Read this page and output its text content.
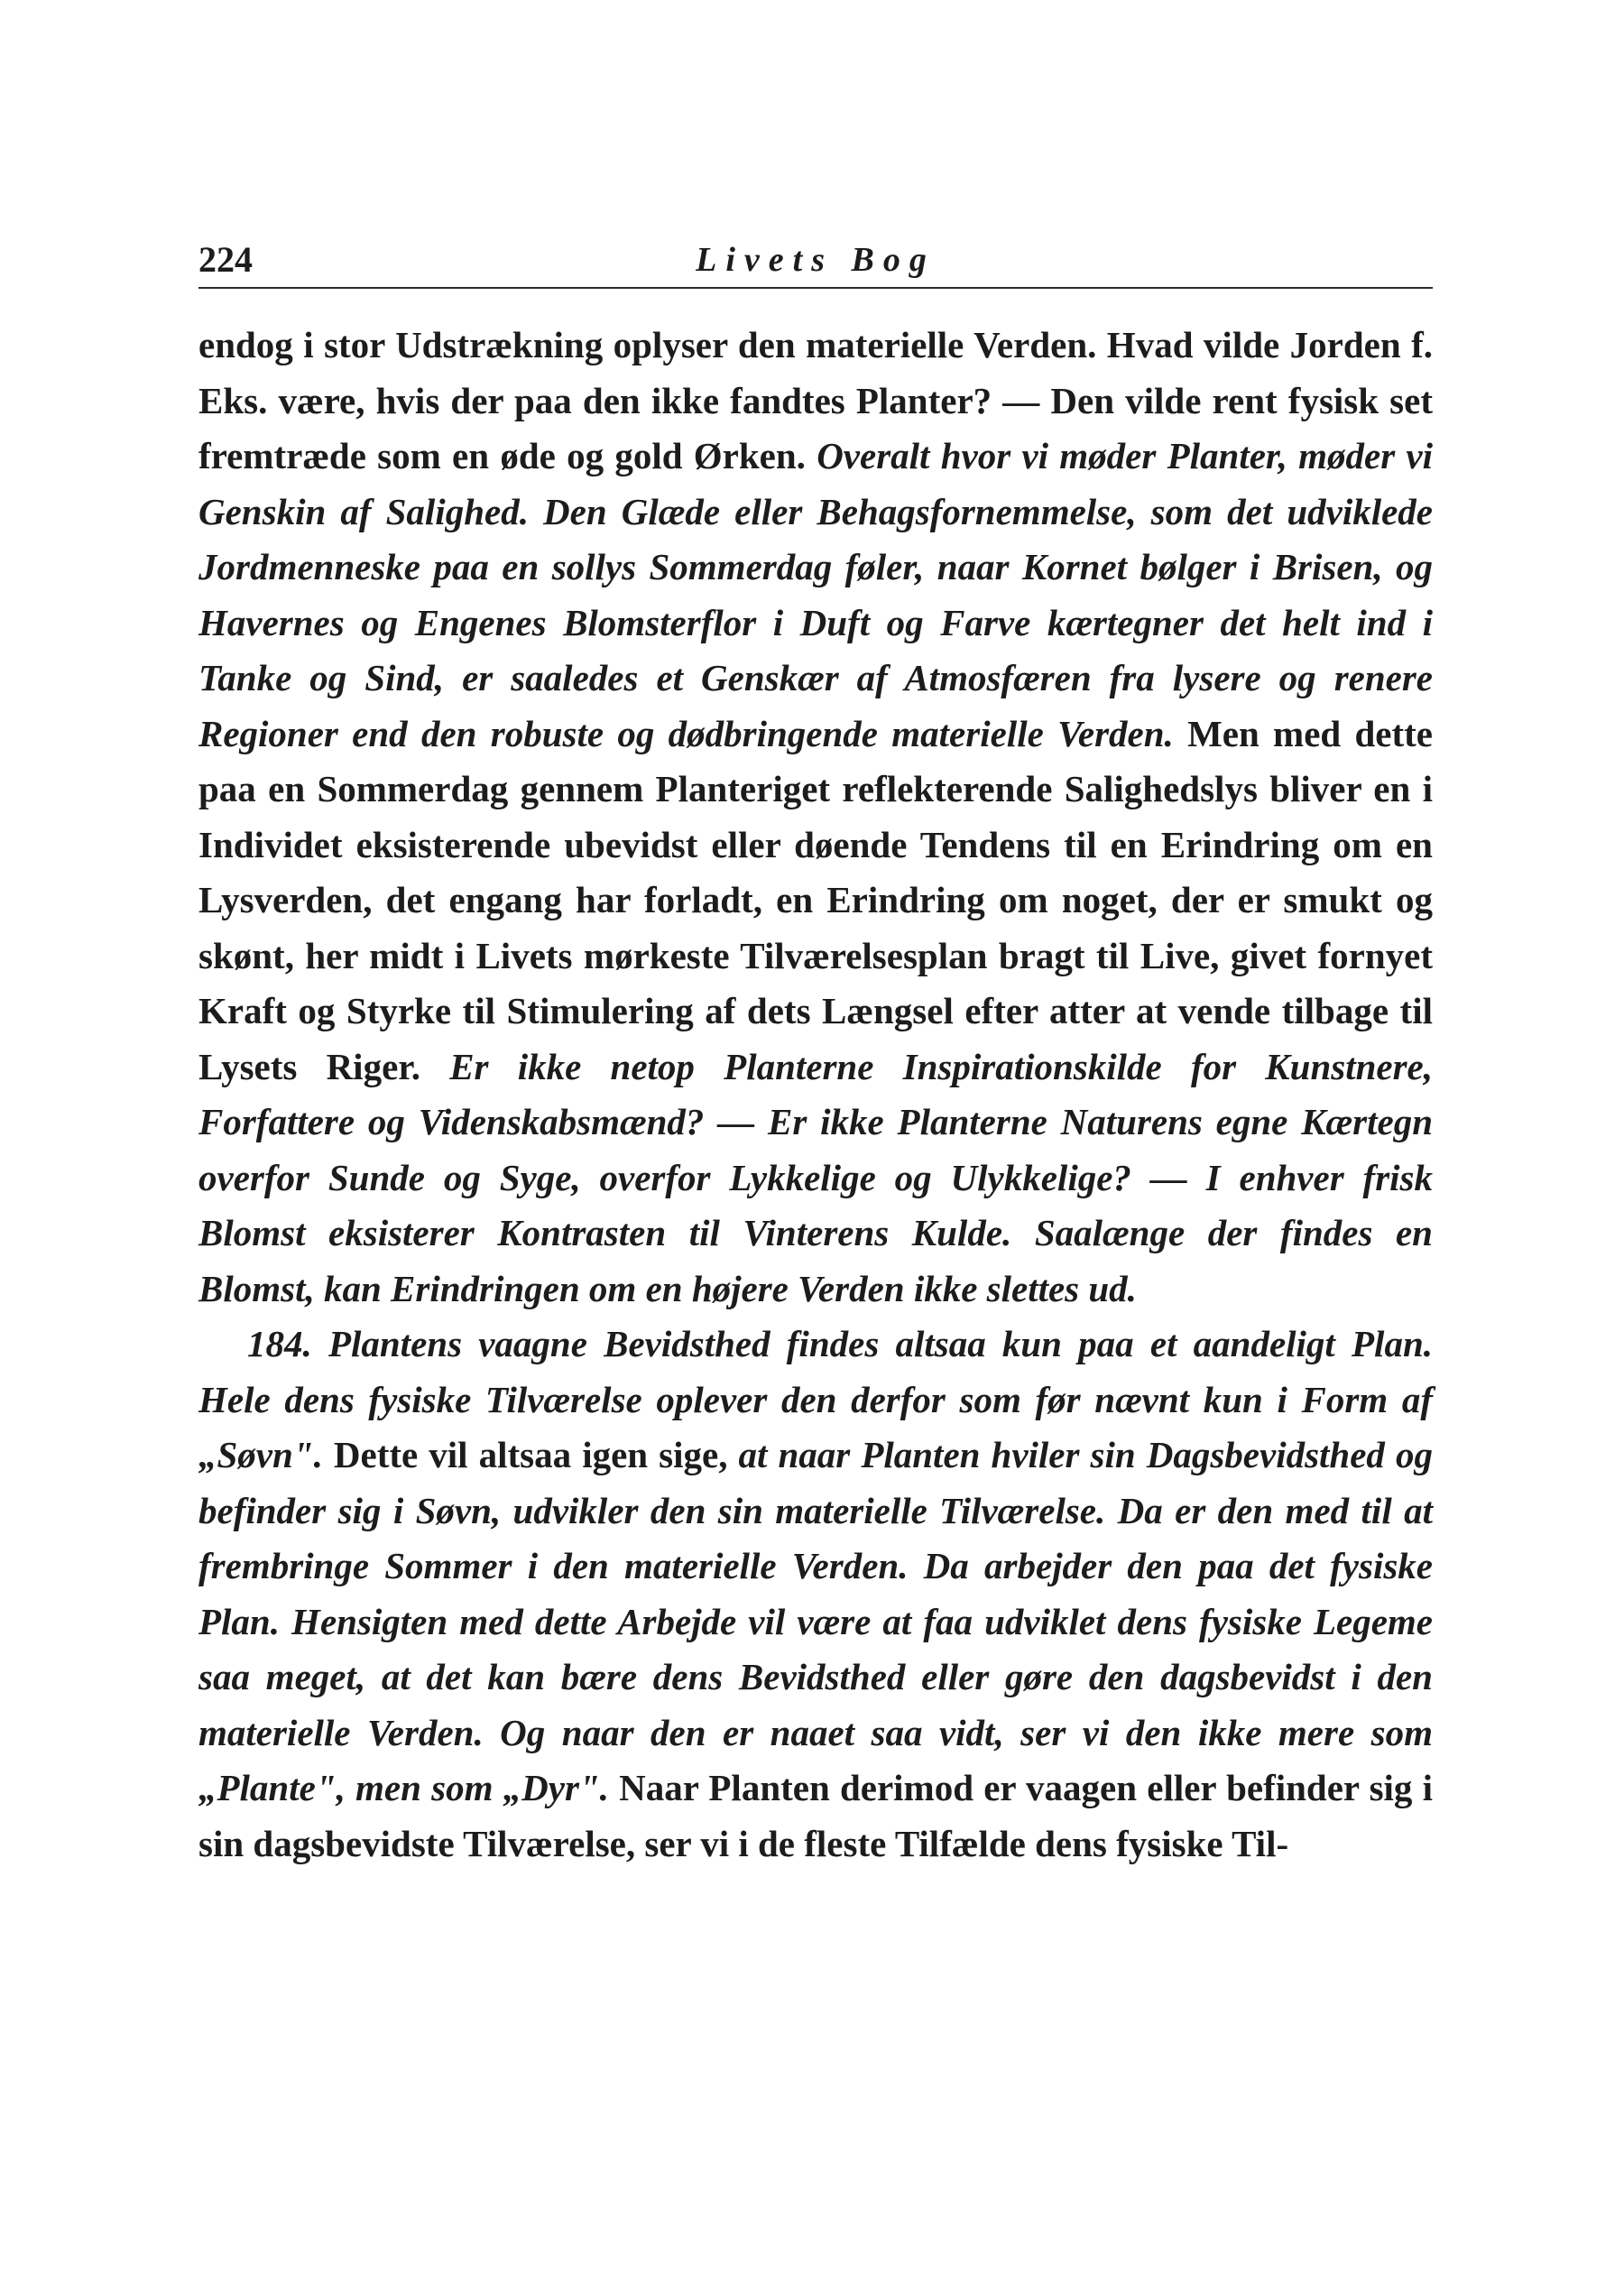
224	Livets Bog

endog i stor Udstrækning oplyser den materielle Verden. Hvad vilde Jorden f. Eks. være, hvis der paa den ikke fandtes Planter? — Den vilde rent fysisk set fremtræde som en øde og gold Ørken. Overalt hvor vi møder Planter, møder vi Genskin af Salighed. Den Glæde eller Behagsfornemmelse, som det udviklede Jordmenneske paa en sollys Sommerdag føler, naar Kornet bølger i Brisen, og Havernes og Engenes Blomsterflor i Duft og Farve kærtegner det helt ind i Tanke og Sind, er saaledes et Genskær af Atmosfæren fra lysere og renere Regioner end den robuste og dødbringende materielle Verden. Men med dette paa en Sommerdag gennem Planteriget reflekterende Salighedslys bliver en i Individet eksisterende ubevidst eller døende Tendens til en Erindring om en Lysverden, det engang har forladt, en Erindring om noget, der er smukt og skønt, her midt i Livets mørkeste Tilværelsesplan bragt til Live, givet fornyet Kraft og Styrke til Stimulering af dets Længsel efter atter at vende tilbage til Lysets Riger. Er ikke netop Planterne Inspirationskilde for Kunstnere, Forfattere og Videnskabsmænd? — Er ikke Planterne Naturens egne Kærtegn overfor Sunde og Syge, overfor Lykkelige og Ulykkelige? — I enhver frisk Blomst eksisterer Kontrasten til Vinterens Kulde. Saalænge der findes en Blomst, kan Erindringen om en højere Verden ikke slettes ud.

184. Plantens vaagne Bevidsthed findes altsaa kun paa et aandeligt Plan. Hele dens fysiske Tilværelse oplever den derfor som før nævnt kun i Form af „Søvn". Dette vil altsaa igen sige, at naar Planten hviler sin Dagsbevidsthed og befinder sig i Søvn, udvikler den sin materielle Tilværelse. Da er den med til at frembringe Sommer i den materielle Verden. Da arbejder den paa det fysiske Plan. Hensigten med dette Arbejde vil være at faa udviklet dens fysiske Legeme saa meget, at det kan bære dens Bevidsthed eller gøre den dagsbevidst i den materielle Verden. Og naar den er naaet saa vidt, ser vi den ikke mere som „Plante", men som „Dyr". Naar Planten derimod er vaagen eller befinder sig i sin dagsbevidste Tilværelse, ser vi i de fleste Tilfælde dens fysiske Til-
